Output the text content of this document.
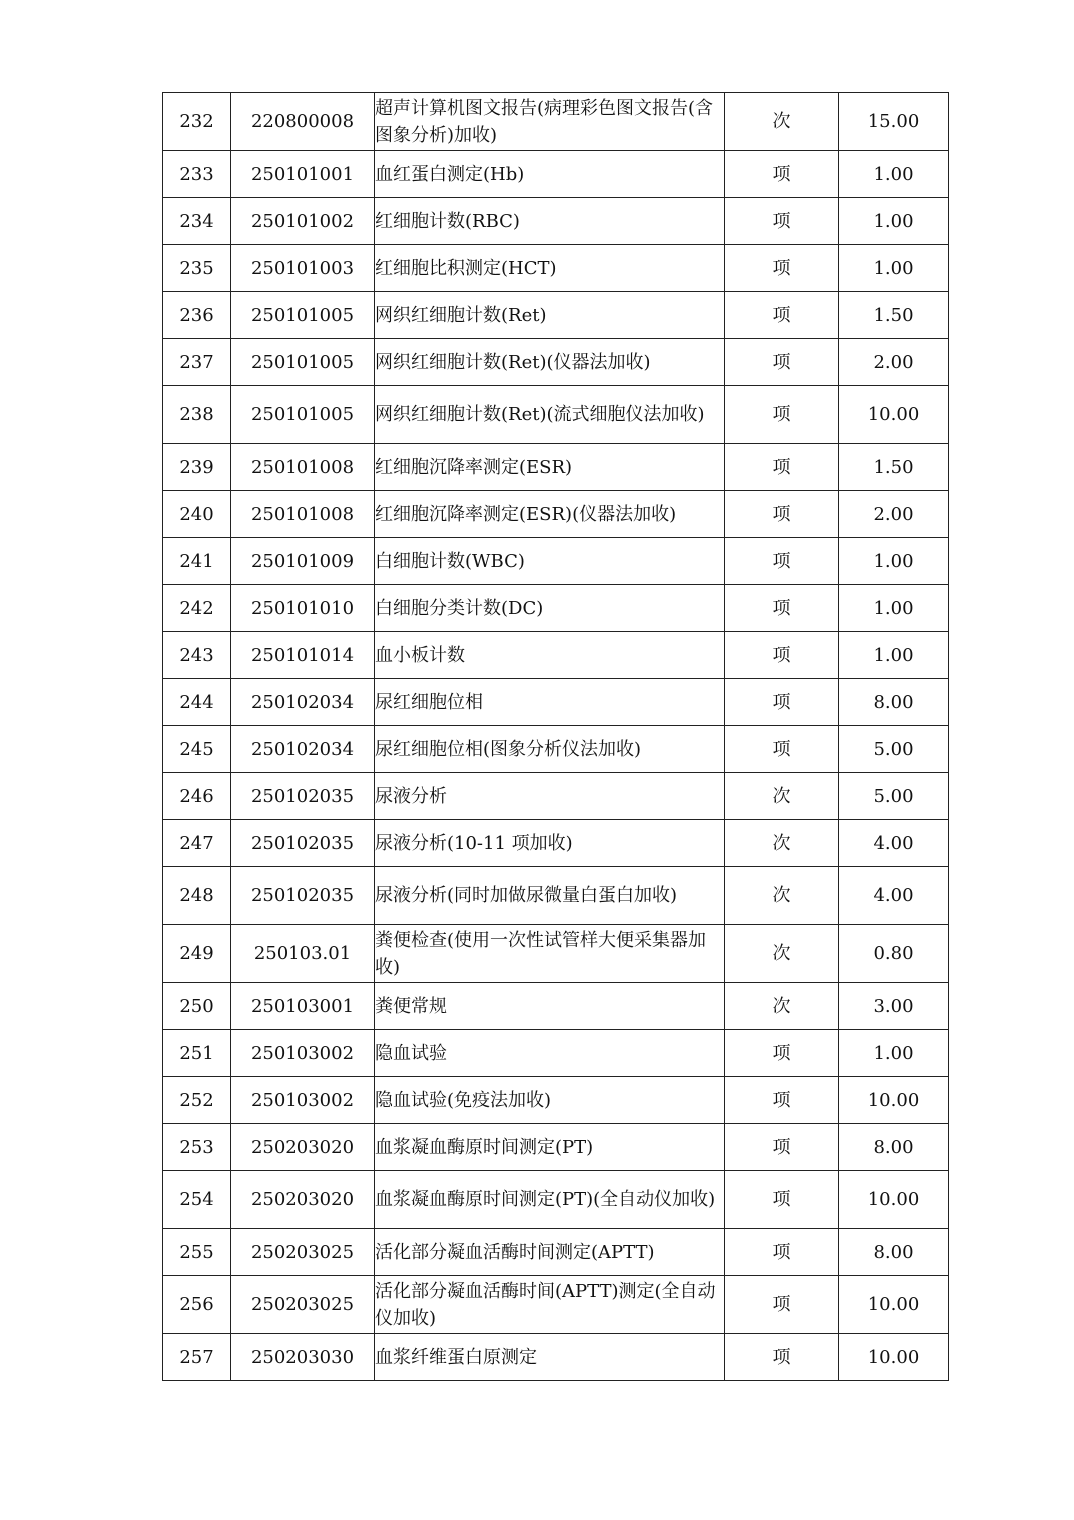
232	220800008	超声计算机图文报告(病理彩色图文报告(含图象分析)加收)	次	15.00
233	250101001	血红蛋白测定(Hb)	项	1.00
234	250101002	红细胞计数(RBC)	项	1.00
235	250101003	红细胞比积测定(HCT)	项	1.00
236	250101005	网织红细胞计数(Ret)	项	1.50
237	250101005	网织红细胞计数(Ret)(仪器法加收)	项	2.00
238	250101005	网织红细胞计数(Ret)(流式细胞仪法加收)	项	10.00
239	250101008	红细胞沉降率测定(ESR)	项	1.50
240	250101008	红细胞沉降率测定(ESR)(仪器法加收)	项	2.00
241	250101009	白细胞计数(WBC)	项	1.00
242	250101010	白细胞分类计数(DC)	项	1.00
243	250101014	血小板计数	项	1.00
244	250102034	尿红细胞位相	项	8.00
245	250102034	尿红细胞位相(图象分析仪法加收)	项	5.00
246	250102035	尿液分析	次	5.00
247	250102035	尿液分析(10-11 项加收)	次	4.00
248	250102035	尿液分析(同时加做尿微量白蛋白加收)	次	4.00
249	250103.01	粪便检查(使用一次性试管样大便采集器加收)	次	0.80
250	250103001	粪便常规	次	3.00
251	250103002	隐血试验	项	1.00
252	250103002	隐血试验(免疫法加收)	项	10.00
253	250203020	血浆凝血酶原时间测定(PT)	项	8.00
254	250203020	血浆凝血酶原时间测定(PT)(全自动仪加收)	项	10.00
255	250203025	活化部分凝血活酶时间测定(APTT)	项	8.00
256	250203025	活化部分凝血活酶时间(APTT)测定(全自动仪加收)	项	10.00
257	250203030	血浆纤维蛋白原测定	项	10.00
